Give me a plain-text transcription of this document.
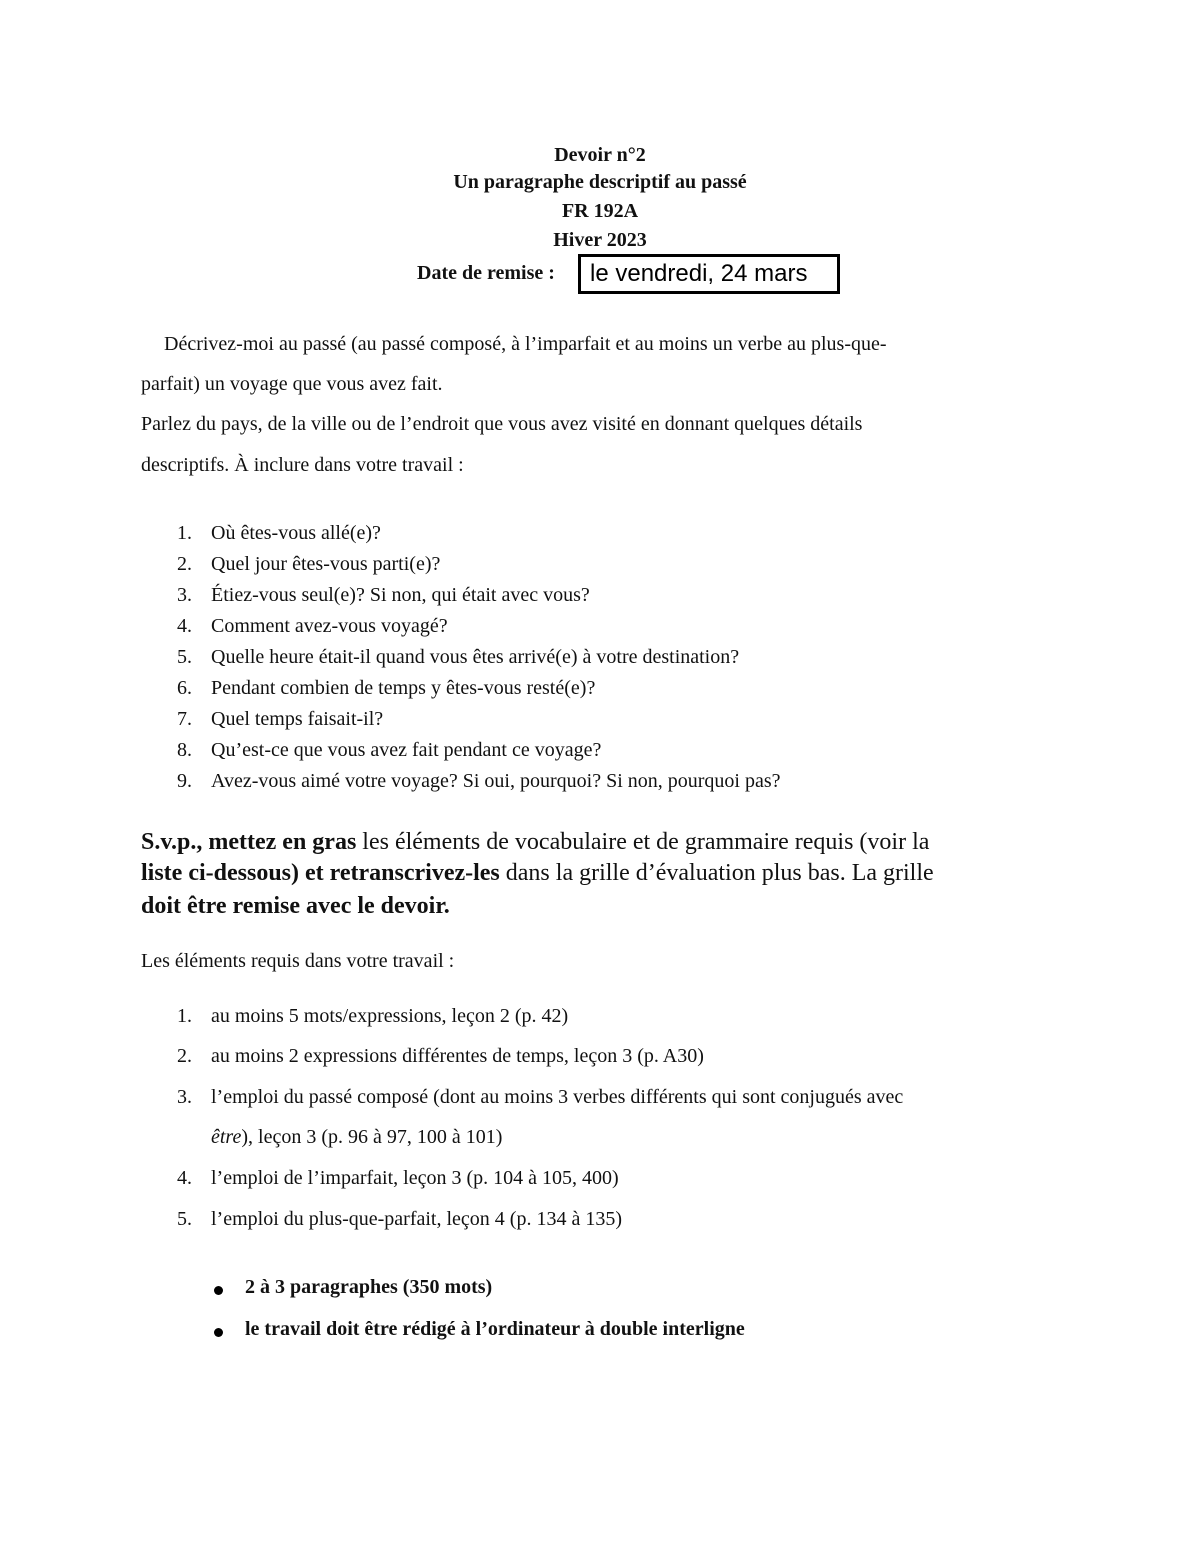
Devoir n°2
Un paragraphe descriptif au passé
FR 192A
Hiver 2023
Date de remise :	le vendredi, 24 mars
Décrivez-moi au passé (au passé composé, à l’imparfait et au moins un verbe au plus-que-
parfait) un voyage que vous avez fait.
Parlez du pays, de la ville ou de l’endroit que vous avez visité en donnant quelques détails
descriptifs. À inclure dans votre travail :
1. Où êtes-vous allé(e)?
2. Quel jour êtes-vous parti(e)?
3. Étiez-vous seul(e)? Si non, qui était avec vous?
4. Comment avez-vous voyagé?
5. Quelle heure était-il quand vous êtes arrivé(e) à votre destination?
6. Pendant combien de temps y êtes-vous resté(e)?
7. Quel temps faisait-il?
8. Qu’est-ce que vous avez fait pendant ce voyage?
9. Avez-vous aimé votre voyage? Si oui, pourquoi? Si non, pourquoi pas?
S.v.p., mettez en gras les éléments de vocabulaire et de grammaire requis (voir la
liste ci-dessous) et retranscrivez-les dans la grille d’évaluation plus bas. La grille
doit être remise avec le devoir.
Les éléments requis dans votre travail :
1. au moins 5 mots/expressions, leçon 2 (p. 42)
2. au moins 2 expressions différentes de temps, leçon 3 (p. A30)
3. l’emploi du passé composé (dont au moins 3 verbes différents qui sont conjugués avec
être), leçon 3 (p. 96 à 97, 100 à 101)
4. l’emploi de l’imparfait, leçon 3 (p. 104 à 105, 400)
5. l’emploi du plus-que-parfait, leçon 4 (p. 134 à 135)
2 à 3 paragraphes (350 mots)
le travail doit être rédigé à l’ordinateur à double interligne
